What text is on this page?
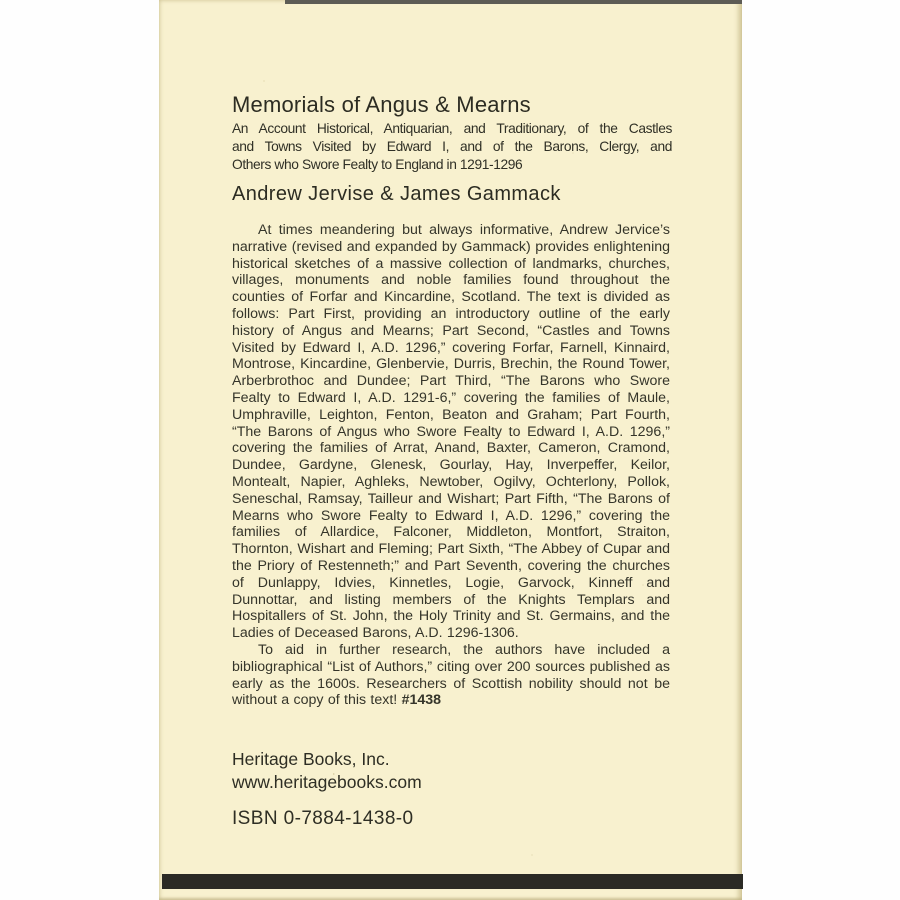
Memorials of Angus & Mearns
An Account Historical, Antiquarian, and Traditionary, of the Castles
and Towns Visited by Edward I, and of the Barons, Clergy, and
Others who Swore Fealty to England in 1291-1296
Andrew Jervise & James Gammack

At times meandering but always informative, Andrew Jervice’s narrative (revised and expanded by Gammack) provides enlightening historical sketches of a massive collection of landmarks, churches, villages, monuments and noble families found throughout the counties of Forfar and Kincardine, Scotland. The text is divided as follows: Part First, providing an introductory outline of the early history of Angus and Mearns; Part Second, “Castles and Towns Visited by Edward I, A.D. 1296,” covering Forfar, Farnell, Kinnaird, Montrose, Kincardine, Glenbervie, Durris, Brechin, the Round Tower, Arberbrothoc and Dundee; Part Third, “The Barons who Swore Fealty to Edward I, A.D. 1291-6,” covering the families of Maule, Umphraville, Leighton, Fenton, Beaton and Graham; Part Fourth, “The Barons of Angus who Swore Fealty to Edward I, A.D. 1296,” covering the families of Arrat, Anand, Baxter, Cameron, Cramond, Dundee, Gardyne, Glenesk, Gourlay, Hay, Inverpeffer, Keilor, Montealt, Napier, Aghleks, Newtober, Ogilvy, Ochterlony, Pollok, Seneschal, Ramsay, Tailleur and Wishart; Part Fifth, “The Barons of Mearns who Swore Fealty to Edward I, A.D. 1296,” covering the families of Allardice, Falconer, Middleton, Montfort, Straiton, Thornton, Wishart and Fleming; Part Sixth, “The Abbey of Cupar and the Priory of Restenneth;” and Part Seventh, covering the churches of Dunlappy, Idvies, Kinnetles, Logie, Garvock, Kinneff and Dunnottar, and listing members of the Knights Templars and Hospitallers of St. John, the Holy Trinity and St. Germains, and the Ladies of Deceased Barons, A.D. 1296-1306.

To aid in further research, the authors have included a bibliographical “List of Authors,” citing over 200 sources published as early as the 1600s. Researchers of Scottish nobility should not be without a copy of this text! #1438

Heritage Books, Inc.
www.heritagebooks.com
ISBN 0-7884-1438-0
